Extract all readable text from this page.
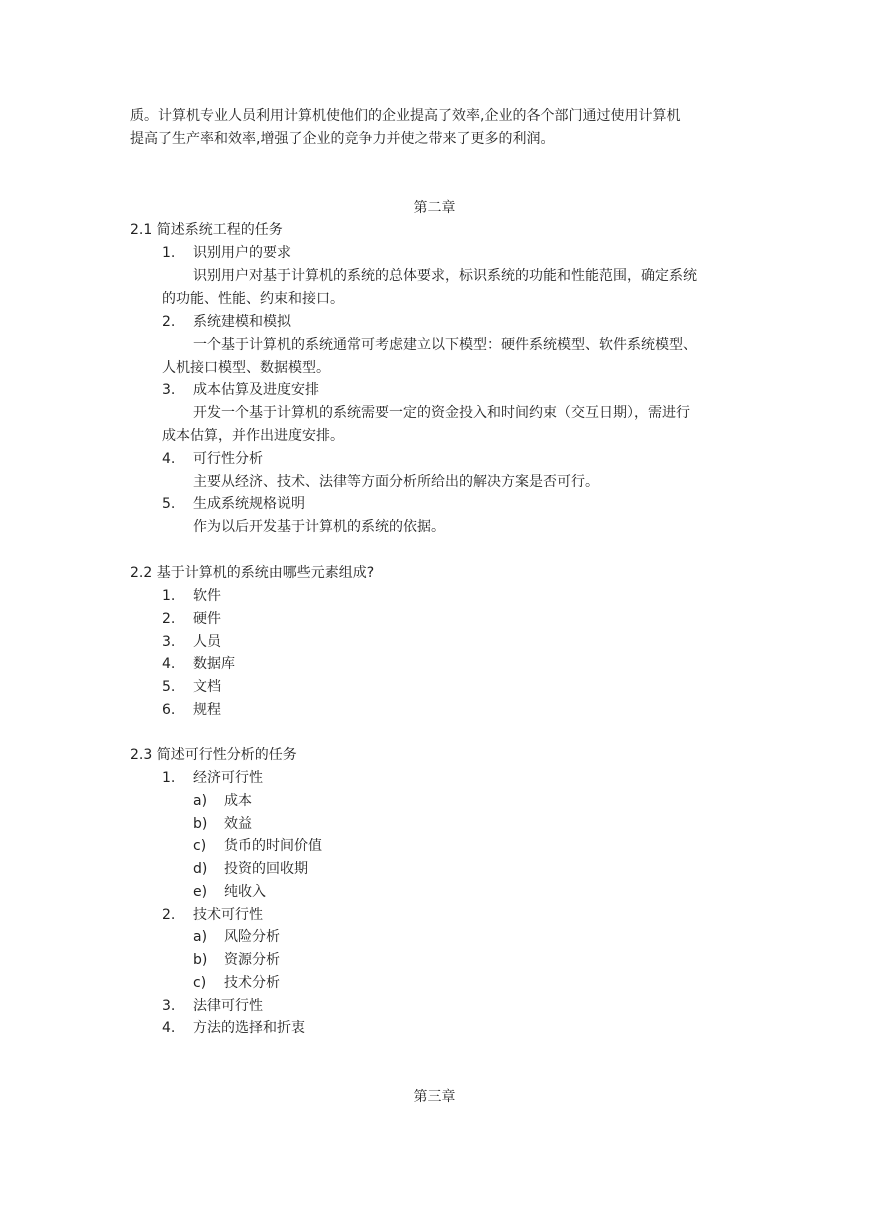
质。计算机专业人员利用计算机使他们的企业提高了效率,企业的各个部门通过使用计算机
提高了生产率和效率,增强了企业的竞争力并使之带来了更多的利润。
第二章
2.1 简述系统工程的任务
1.	识别用户的要求
识别用户对基于计算机的系统的总体要求，标识系统的功能和性能范围，确定系统
的功能、性能、约束和接口。
2.	系统建模和模拟
一个基于计算机的系统通常可考虑建立以下模型：硬件系统模型、软件系统模型、
人机接口模型、数据模型。
3.	成本估算及进度安排
开发一个基于计算机的系统需要一定的资金投入和时间约束（交互日期），需进行
成本估算，并作出进度安排。
4.	可行性分析
主要从经济、技术、法律等方面分析所给出的解决方案是否可行。
5.	生成系统规格说明
作为以后开发基于计算机的系统的依据。
2.2 基于计算机的系统由哪些元素组成?
1.	软件
2.	硬件
3.	人员
4.	数据库
5.	文档
6.	规程
2.3 简述可行性分析的任务
1.	经济可行性
a)	成本
b)	效益
c)	货币的时间价值
d)	投资的回收期
e)	纯收入
2.	技术可行性
a)	风险分析
b)	资源分析
c)	技术分析
3.	法律可行性
4.	方法的选择和折衷
第三章
